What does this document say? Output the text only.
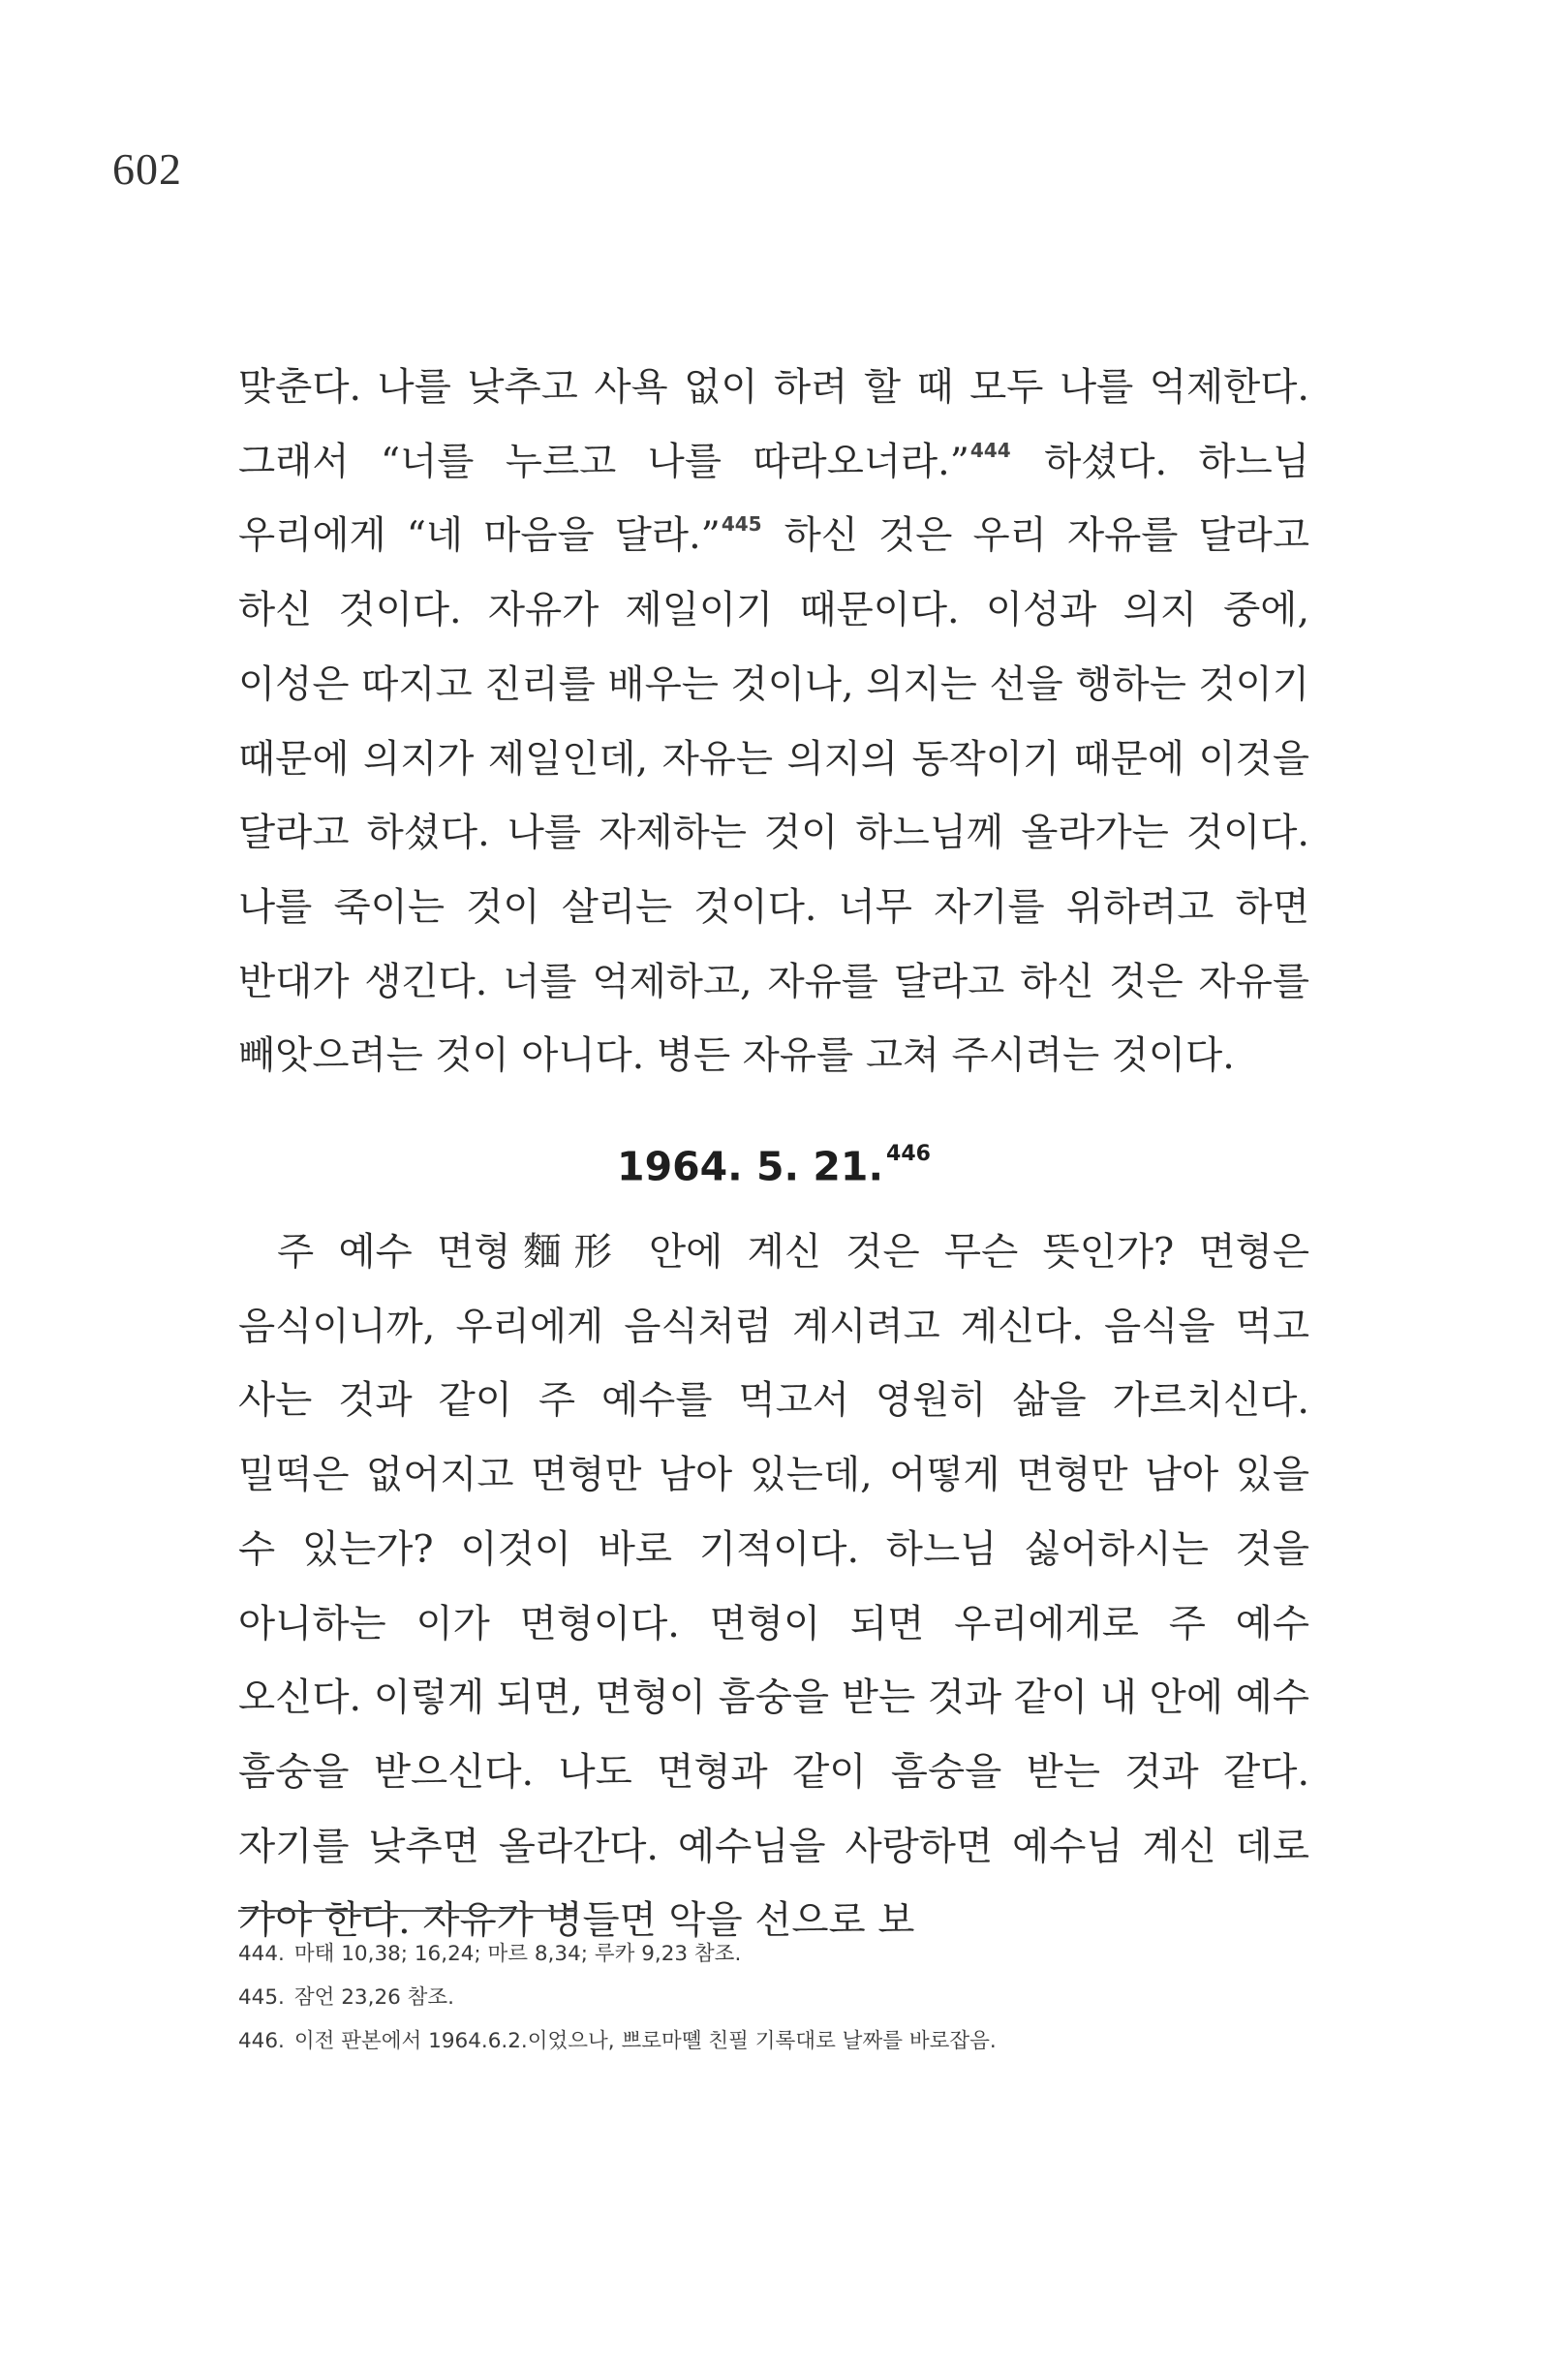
602

맞춘다. 나를 낮추고 사욕 없이 하려 할 때 모두 나를 억제한다. 그래서 “너를 누르고 나를 따라오너라.”$^{444}$ 하셨다. 하느님 우리에게 “네 마음을 달라.”$^{445}$ 하신 것은 우리 자유를 달라고 하신 것이다. 자유가 제일이기 때문이다. 이성과 의지 중에, 이성은 따지고 진리를 배우는 것이나, 의지는 선을 행하는 것이기 때문에 의지가 제일인데, 자유는 의지의 동작이기 때문에 이것을 달라고 하셨다. 나를 자제하는 것이 하느님께 올라가는 것이다. 나를 죽이는 것이 살리는 것이다. 너무 자기를 위하려고 하면 반대가 생긴다. 너를 억제하고, 자유를 달라고 하신 것은 자유를 빼앗으려는 것이 아니다. 병든 자유를 고쳐 주시려는 것이다.

1964. 5. 21. $^{446}$

주 예수 면형麵形 안에 계신 것은 무슨 뜻인가? 면형은 음식이니까, 우리에게 음식처럼 계시려고 계신다. 음식을 먹고 사는 것과 같이 주 예수를 먹고서 영원히 삶을 가르치신다. 밀떡은 없어지고 면형만 남아 있는데, 어떻게 면형만 남아 있을 수 있는가? 이것이 바로 기적이다. 하느님 싫어하시는 것을 아니하는 이가 면형이다. 면형이 되면 우리에게로 주 예수 오신다. 이렇게 되면, 면형이 흠숭을 받는 것과 같이 내 안에 예수 흠숭을 받으신다. 나도 면형과 같이 흠숭을 받는 것과 같다. 자기를 낮추면 올라간다. 예수님을 사랑하면 예수님 계신 데로 가야 한다. 자유가 병들면 악을 선으로 보

444. 마태 10,38; 16,24; 마르 8,34; 루카 9,23 참조.
445. 잠언 23,26 참조.
446. 이전 판본에서 1964.6.2.이었으나, 쁘로마뗼 친필 기록대로 날짜를 바로잡음.
